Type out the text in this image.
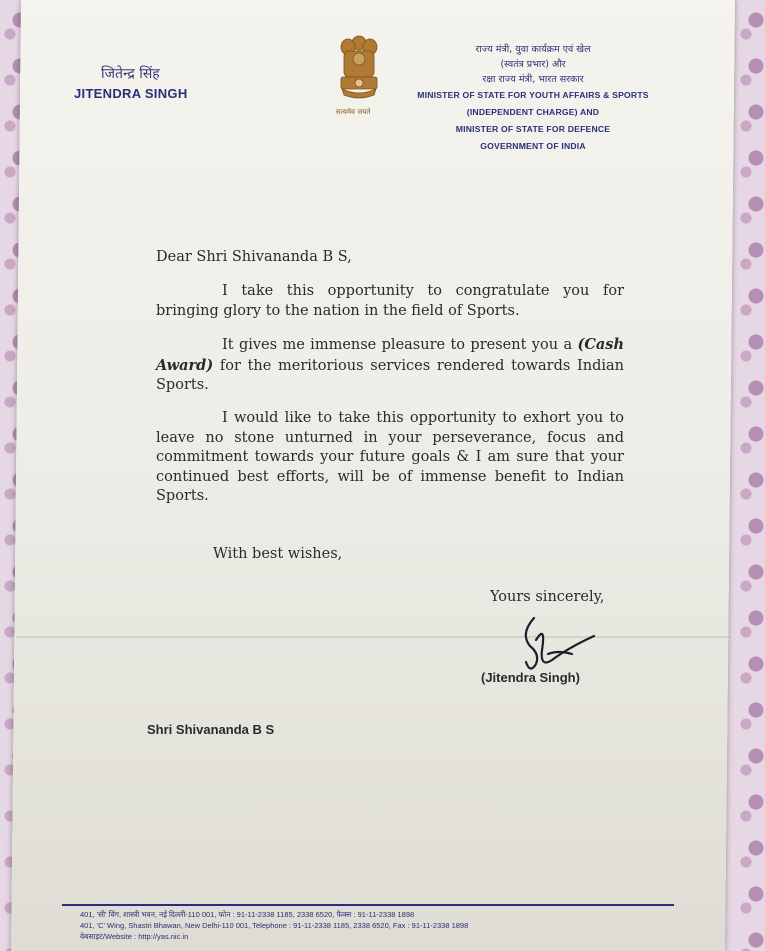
जितेन्द्र सिंह
JITENDRA SINGH
सत्यमेव जयते
राज्य मंत्री, युवा कार्यक्रम एवं खेल
(स्वतंत्र प्रभार) और
रक्षा राज्य मंत्री, भारत सरकार
MINISTER OF STATE FOR YOUTH AFFAIRS & SPORTS
(INDEPENDENT CHARGE) AND
MINISTER OF STATE FOR DEFENCE
GOVERNMENT OF INDIA
Dear Shri Shivananda B S,
I take this opportunity to congratulate you for bringing glory to the nation in the field of Sports.
It gives me immense pleasure to present you a (Cash Award) for the meritorious services rendered towards Indian Sports.
I would like to take this opportunity to exhort you to leave no stone unturned in your perseverance, focus and commitment towards your future goals & I am sure that your continued best efforts, will be of immense benefit to Indian Sports.
With best wishes,
Yours sincerely,
(Jitendra Singh)
Shri Shivananda B S
401, 'सी' विंग, शास्त्री भवन, नई दिल्ली-110 001, फोन : 91-11-2338 1185, 2338 6520, फैक्स : 91-11-2338 1898
401, 'C' Wing, Shastri Bhawan, New Delhi-110 001, Telephone : 91-11-2338 1185, 2338 6520, Fax : 91-11-2338 1898
वेबसाइट/Website : http://yas.nic.in
